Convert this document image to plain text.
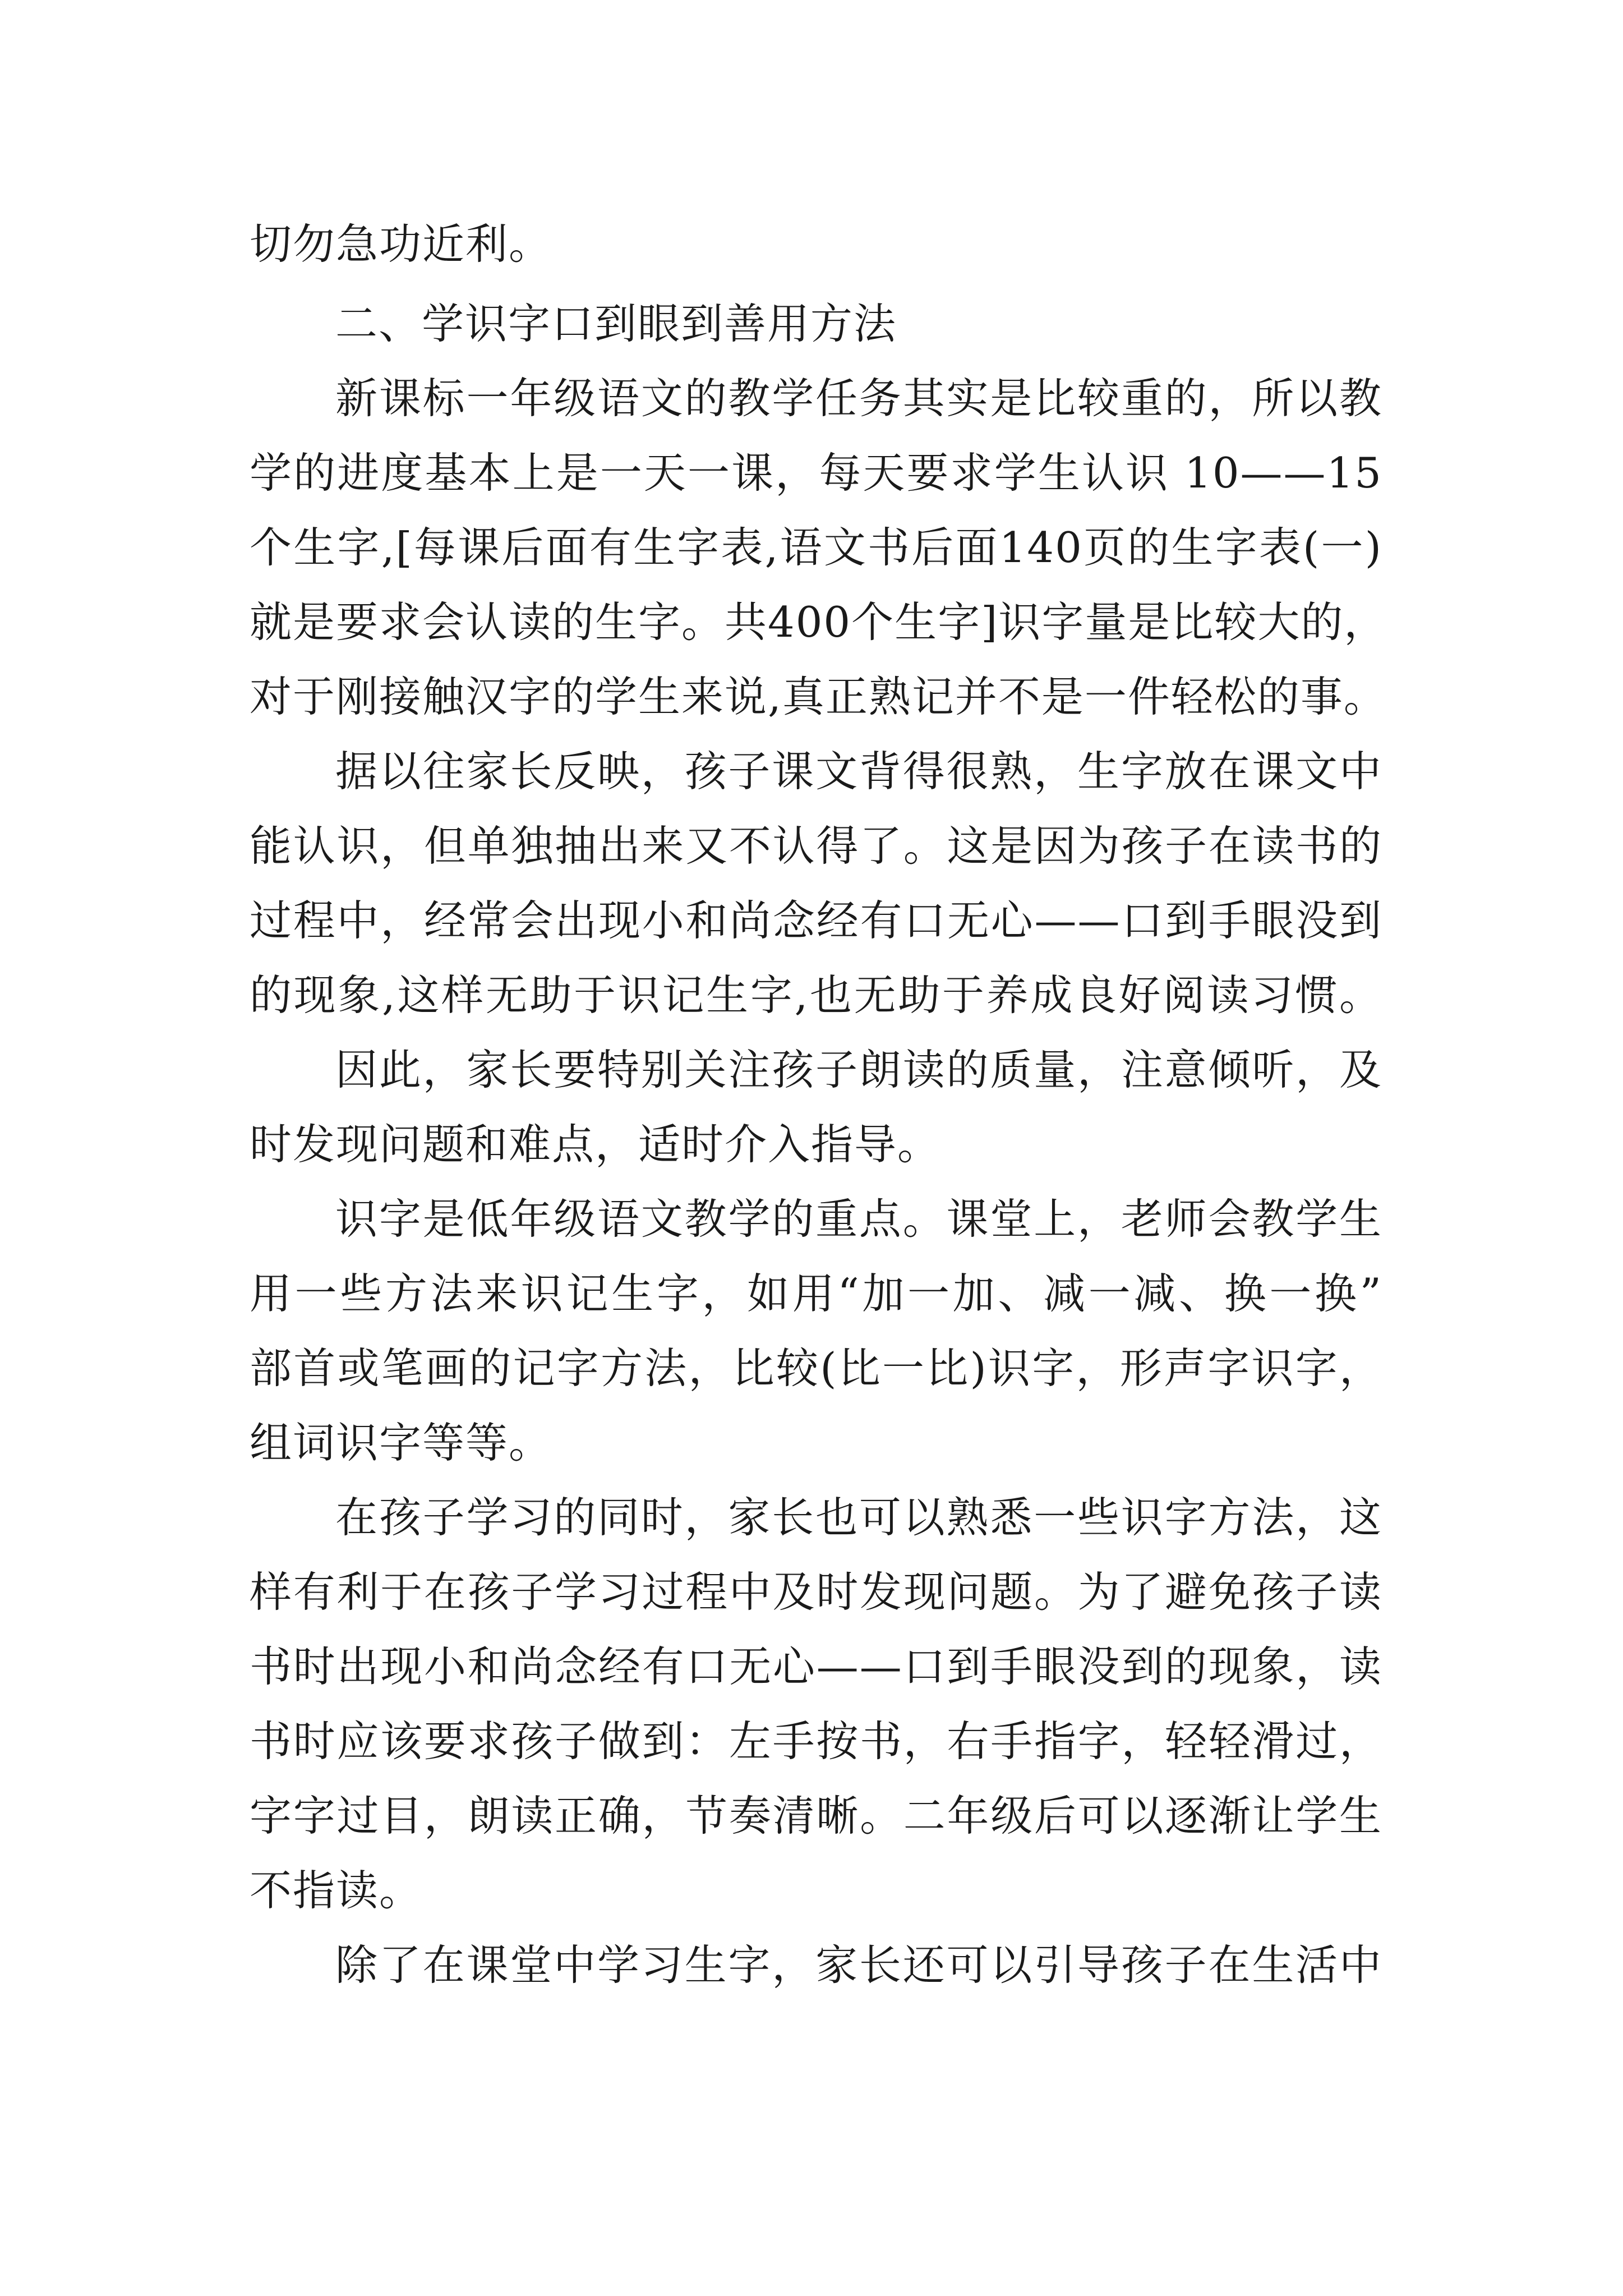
切勿急功近利。
二、学识字口到眼到善用方法
新课标一年级语文的教学任务其实是比较重的，所以教
学的进度基本上是一天一课，每天要求学生认识 10——15
个生字,[每课后面有生字表,语文书后面140页的生字表(一)
就是要求会认读的生字。共400个生字]识字量是比较大的，
对于刚接触汉字的学生来说,真正熟记并不是一件轻松的事。
据以往家长反映，孩子课文背得很熟，生字放在课文中
能认识，但单独抽出来又不认得了。这是因为孩子在读书的
过程中，经常会出现小和尚念经有口无心——口到手眼没到
的现象,这样无助于识记生字,也无助于养成良好阅读习惯。
因此，家长要特别关注孩子朗读的质量，注意倾听，及
时发现问题和难点，适时介入指导。
识字是低年级语文教学的重点。课堂上，老师会教学生
用一些方法来识记生字，如用“加一加、减一减、换一换”
部首或笔画的记字方法，比较(比一比)识字，形声字识字，
组词识字等等。
在孩子学习的同时，家长也可以熟悉一些识字方法，这
样有利于在孩子学习过程中及时发现问题。为了避免孩子读
书时出现小和尚念经有口无心——口到手眼没到的现象，读
书时应该要求孩子做到：左手按书，右手指字，轻轻滑过，
字字过目，朗读正确，节奏清晰。二年级后可以逐渐让学生
不指读。
除了在课堂中学习生字，家长还可以引导孩子在生活中
